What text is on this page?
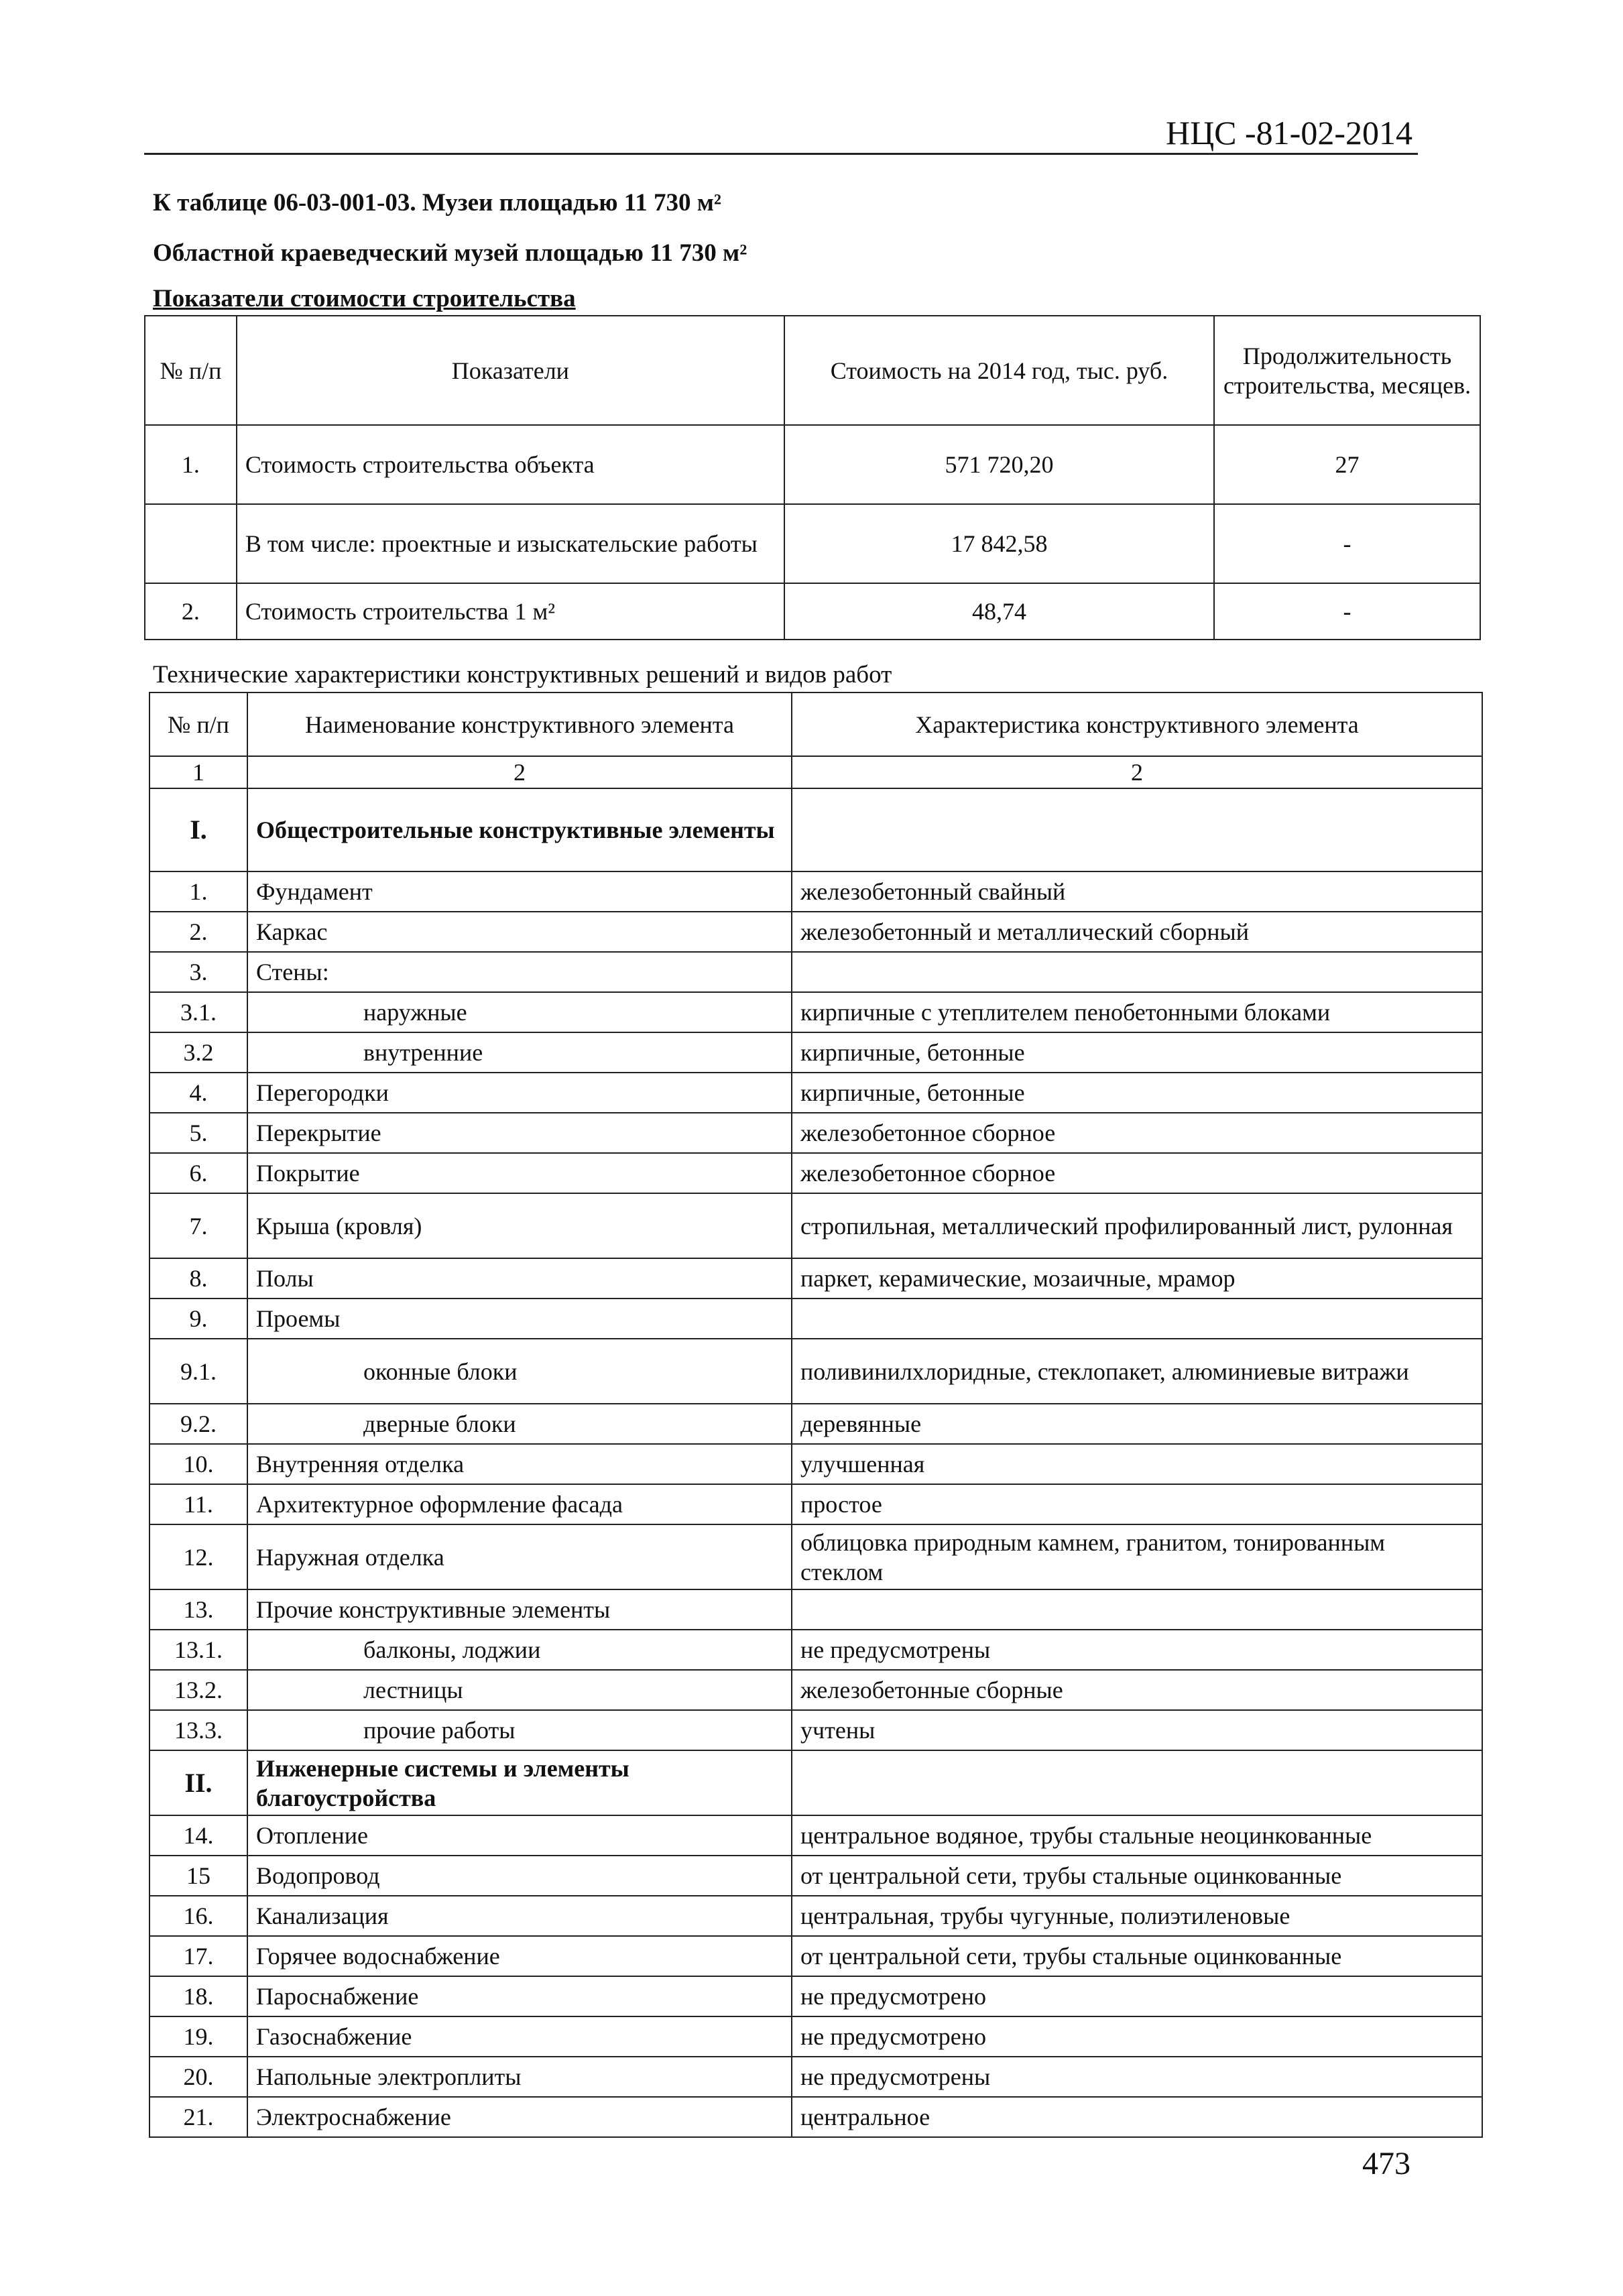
НЦС -81-02-2014
К таблице 06-03-001-03. Музеи площадью 11 730 м²
Областной краеведческий музей площадью 11 730 м²
Показатели стоимости строительства
№ п/п	Показатели	Стоимость на 2014 год, тыс. руб.	Продолжительность строительства, месяцев.
1.	Стоимость строительства объекта	571 720,20	27
	В том числе: проектные и изыскательские работы	17 842,58	-
2.	Стоимость строительства 1 м²	48,74	-
Технические характеристики конструктивных решений и видов работ
№ п/п	Наименование конструктивного элемента	Характеристика конструктивного элемента
1	2	2
I.	Общестроительные конструктивные элементы	
1.	Фундамент	железобетонный свайный
2.	Каркас	железобетонный и металлический сборный
3.	Стены:	
3.1.	наружные	кирпичные с утеплителем пенобетонными блоками
3.2	внутренние	кирпичные, бетонные
4.	Перегородки	кирпичные, бетонные
5.	Перекрытие	железобетонное сборное
6.	Покрытие	железобетонное сборное
7.	Крыша (кровля)	стропильная, металлический профилированный лист, рулонная
8.	Полы	паркет, керамические, мозаичные, мрамор
9.	Проемы	
9.1.	оконные блоки	поливинилхлоридные, стеклопакет, алюминиевые витражи
9.2.	дверные блоки	деревянные
10.	Внутренняя отделка	улучшенная
11.	Архитектурное оформление фасада	простое
12.	Наружная отделка	облицовка природным камнем, гранитом, тонированным стеклом
13.	Прочие конструктивные элементы	
13.1.	балконы, лоджии	не предусмотрены
13.2.	лестницы	железобетонные сборные
13.3.	прочие работы	учтены
II.	Инженерные системы и элементы благоустройства	
14.	Отопление	центральное водяное, трубы стальные неоцинкованные
15	Водопровод	от центральной сети, трубы стальные оцинкованные
16.	Канализация	центральная, трубы чугунные, полиэтиленовые
17.	Горячее водоснабжение	от центральной сети, трубы стальные оцинкованные
18.	Пароснабжение	не предусмотрено
19.	Газоснабжение	не предусмотрено
20.	Напольные электроплиты	не предусмотрены
21.	Электроснабжение	центральное
473
